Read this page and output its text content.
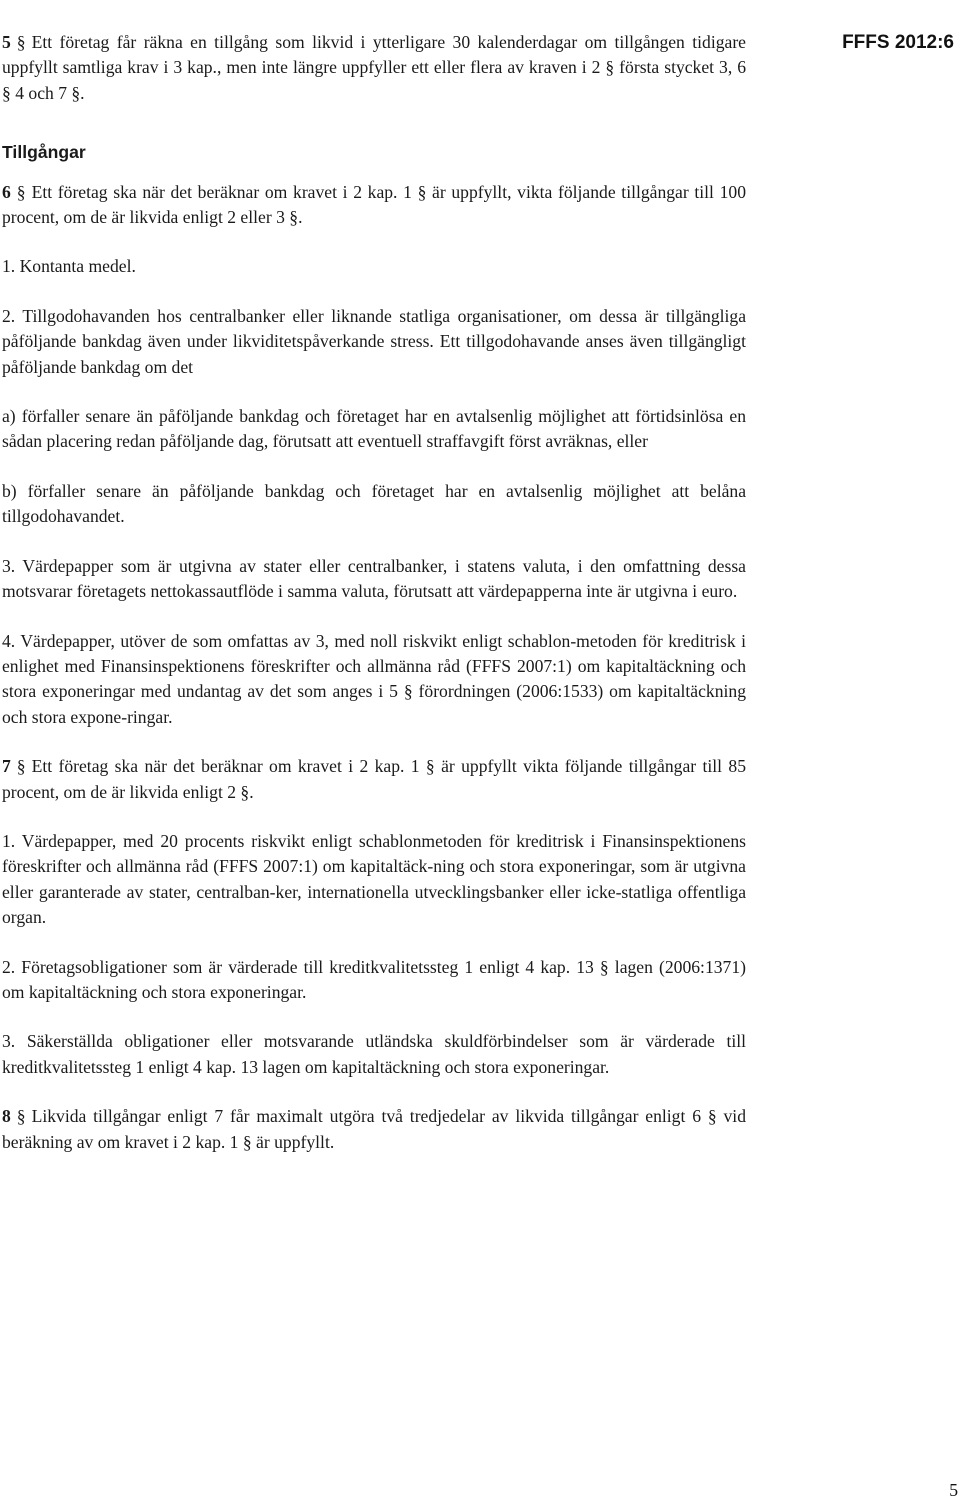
FFFS 2012:6

5 § Ett företag får räkna en tillgång som likvid i ytterligare 30 kalenderdagar om tillgången tidigare uppfyllt samtliga krav i 3 kap., men inte längre uppfyller ett eller flera av kraven i 2 § första stycket 3, 6 § 4 och 7 §.

Tillgångar

6 § Ett företag ska när det beräknar om kravet i 2 kap. 1 § är uppfyllt, vikta följande tillgångar till 100 procent, om de är likvida enligt 2 eller 3 §.

1. Kontanta medel.

2. Tillgodohavanden hos centralbanker eller liknande statliga organisationer, om dessa är tillgängliga påföljande bankdag även under likviditetspåverkande stress. Ett tillgodohavande anses även tillgängligt påföljande bankdag om det

a) förfaller senare än påföljande bankdag och företaget har en avtalsenlig möjlighet att förtidsinlösa en sådan placering redan påföljande dag, förutsatt att eventuell straffavgift först avräknas, eller

b) förfaller senare än påföljande bankdag och företaget har en avtalsenlig möjlighet att belåna tillgodohavandet.

3. Värdepapper som är utgivna av stater eller centralbanker, i statens valuta, i den omfattning dessa motsvarar företagets nettokassautflöde i samma valuta, förutsatt att värdepapperna inte är utgivna i euro.

4. Värdepapper, utöver de som omfattas av 3, med noll riskvikt enligt schablon-metoden för kreditrisk i enlighet med Finansinspektionens föreskrifter och allmänna råd (FFFS 2007:1) om kapitaltäckning och stora exponeringar med undantag av det som anges i 5 § förordningen (2006:1533) om kapitaltäckning och stora expone-ringar.

7 § Ett företag ska när det beräknar om kravet i 2 kap. 1 § är uppfyllt vikta följande tillgångar till 85 procent, om de är likvida enligt 2 §.

1. Värdepapper, med 20 procents riskvikt enligt schablonmetoden för kreditrisk i Finansinspektionens föreskrifter och allmänna råd (FFFS 2007:1) om kapitaltäck-ning och stora exponeringar, som är utgivna eller garanterade av stater, centralban-ker, internationella utvecklingsbanker eller icke-statliga offentliga organ.

2. Företagsobligationer som är värderade till kreditkvalitetssteg 1 enligt 4 kap. 13 § lagen (2006:1371) om kapitaltäckning och stora exponeringar.

3. Säkerställda obligationer eller motsvarande utländska skuldförbindelser som är värderade till kreditkvalitetssteg 1 enligt 4 kap. 13 lagen om kapitaltäckning och stora exponeringar.

8 § Likvida tillgångar enligt 7 får maximalt utgöra två tredjedelar av likvida tillgångar enligt 6 § vid beräkning av om kravet i 2 kap. 1 § är uppfyllt.

5
